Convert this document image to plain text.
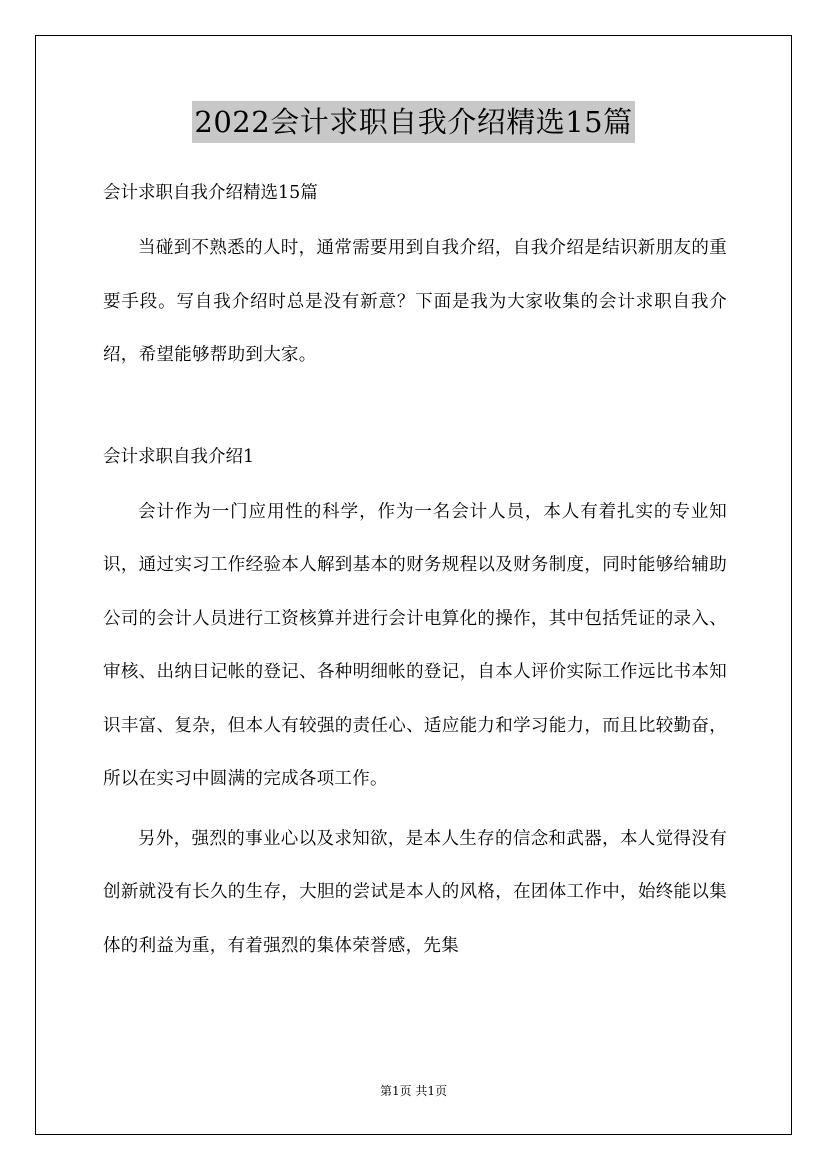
2022会计求职自我介绍精选15篇

会计求职自我介绍精选15篇

当碰到不熟悉的人时，通常需要用到自我介绍，自我介绍是结识新朋友的重要手段。写自我介绍时总是没有新意？下面是我为大家收集的会计求职自我介绍，希望能够帮助到大家。

会计求职自我介绍1

会计作为一门应用性的科学，作为一名会计人员，本人有着扎实的专业知识，通过实习工作经验本人解到基本的财务规程以及财务制度，同时能够给辅助公司的会计人员进行工资核算并进行会计电算化的操作，其中包括凭证的录入、审核、出纳日记帐的登记、各种明细帐的登记，自本人评价实际工作远比书本知识丰富、复杂，但本人有较强的责任心、适应能力和学习能力，而且比较勤奋，所以在实习中圆满的完成各项工作。

另外，强烈的事业心以及求知欲，是本人生存的信念和武器，本人觉得没有创新就没有长久的生存，大胆的尝试是本人的风格，在团体工作中，始终能以集体的利益为重，有着强烈的集体荣誉感，先集

第1页 共1页
